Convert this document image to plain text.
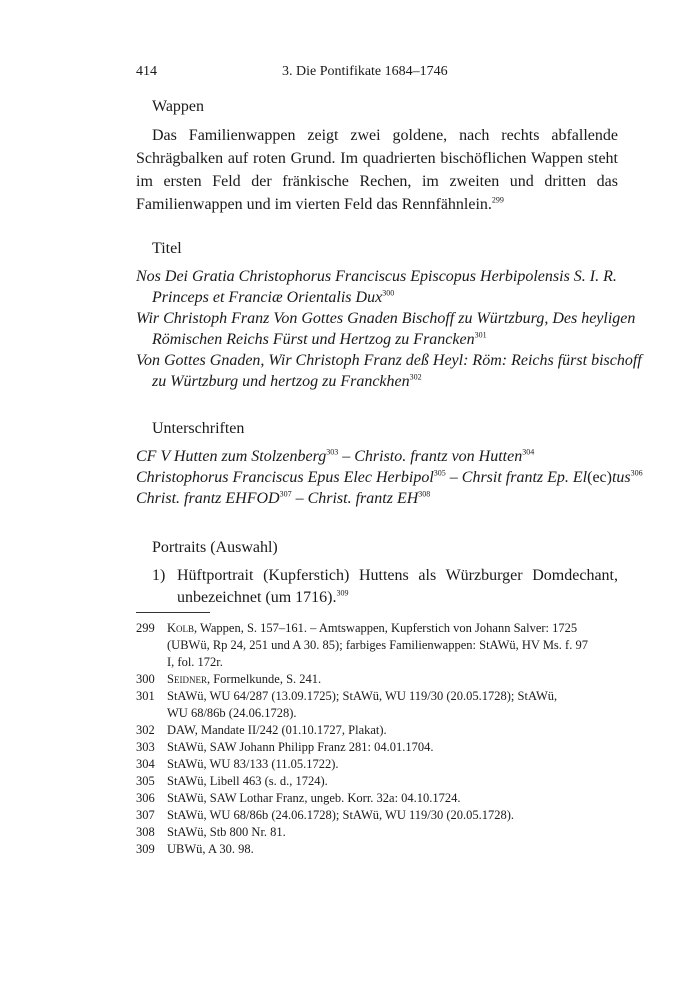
414	3. Die Pontifikate 1684–1746
Wappen
Das Familienwappen zeigt zwei goldene, nach rechts abfallende Schrägbalken auf roten Grund. Im quadrierten bischöflichen Wappen steht im ersten Feld der fränkische Rechen, im zweiten und dritten das Familienwappen und im vierten Feld das Rennfähnlein.$^{299}$
Titel
Nos Dei Gratia Christophorus Franciscus Episcopus Herbipolensis S. I. R.
Princeps et Franciæ Orientalis Dux$^{300}$
Wir Christoph Franz Von Gottes Gnaden Bischoff zu Würtzburg, Des heyligen
Römischen Reichs Fürst und Hertzog zu Francken$^{301}$
Von Gottes Gnaden, Wir Christoph Franz deß Heyl: Röm: Reichs fürst bischoff
zu Würtzburg und hertzog zu Franckhen$^{302}$
Unterschriften
CF V Hutten zum Stolzenberg$^{303}$ – Christo. frantz von Hutten$^{304}$
Christophorus Franciscus Epus Elec Herbipol$^{305}$ – Chrsit frantz Ep. El(ec)tus$^{306}$
Christ. frantz EHFOD$^{307}$ – Christ. frantz EH$^{308}$
Portraits (Auswahl)
1) Hüftportrait (Kupferstich) Huttens als Würzburger Domdechant,
unbezeichnet (um 1716).$^{309}$
299 Kolb, Wappen, S. 157–161. – Amtswappen, Kupferstich von Johann Salver: 1725
(UBWü, Rp 24, 251 und A 30. 85); farbiges Familienwappen: StAWü, HV Ms. f. 97
I, fol. 172r.
300 Seidner, Formelkunde, S. 241.
301 StAWü, WU 64/287 (13.09.1725); StAWü, WU 119/30 (20.05.1728); StAWü,
WU 68/86b (24.06.1728).
302 DAW, Mandate II/242 (01.10.1727, Plakat).
303 StAWü, SAW Johann Philipp Franz 281: 04.01.1704.
304 StAWü, WU 83/133 (11.05.1722).
305 StAWü, Libell 463 (s. d., 1724).
306 StAWü, SAW Lothar Franz, ungeb. Korr. 32a: 04.10.1724.
307 StAWü, WU 68/86b (24.06.1728); StAWü, WU 119/30 (20.05.1728).
308 StAWü, Stb 800 Nr. 81.
309 UBWü, A 30. 98.
